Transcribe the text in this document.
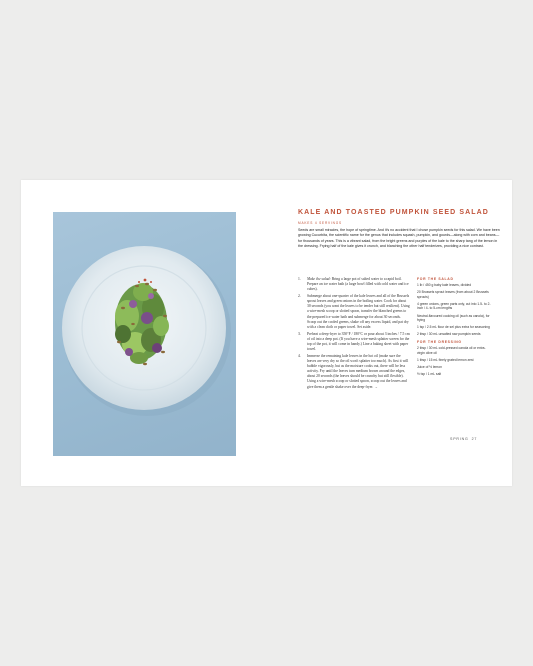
KALE AND TOASTED PUMPKIN SEED SALAD
MAKES 4 SERVINGS
Seeds are small miracles, the hope of springtime. And it's no accident that I chose pumpkin seeds for this salad. We have been growing Cucurbita, the scientific name for the genus that includes squash, pumpkin, and gourds—along with corn and beans—for thousands of years. This is a vibrant salad, from the bright greens and purples of the kale to the sharp tang of the lemon in the dressing. Frying half of the kale gives it crunch, and blanching the other half tenderizes, providing a nice contrast.
1. Make the salad: Bring a large pot of salted water to a rapid boil. Prepare an ice water bath (a large bowl filled with cold water and ice cubes).
2. Submerge about one-quarter of the kale leaves and all of the Brussels sprout leaves and green onions in the boiling water. Cook for about 30 seconds (you want the leaves to be tender but still resilient). Using a wire-mesh scoop or slotted spoon, transfer the blanched greens to the prepared ice water bath and submerge for about 30 seconds. Scoop out the cooled greens, shake off any excess liquid, and pat dry with a clean cloth or paper towel. Set aside.
3. Preheat a deep-fryer to 350°F / 180°C or pour about 3 inches / 7.5 cm of oil into a deep pot. (If you have a wire-mesh splatter screen for the top of the pot, it will come in handy.) Line a baking sheet with paper towel.
4. Immerse the remaining kale leaves in the hot oil (make sure the leaves are very dry so the oil won't splatter too much). As first it will bubble vigorously, but as the moisture cooks out, there will be less activity. Fry until the leaves turn medium brown around the edges, about 20 seconds (the leaves should be crunchy but still flexible). Using a wire-mesh scoop or slotted spoon, scoop out the leaves and give them a gentle shake over the deep-fryer. →
FOR THE SALAD
1 lb / 450 g baby kale leaves, divided
20 Brussels sprout leaves (from about 2 Brussels sprouts)
4 green onions, green parts only, cut into 1.5- to 2-inch / 4- to 5-cm lengths
Neutral-flavoured cooking oil (such as canola), for frying
1 tsp / 2.5 mL flour de sel plus extra for seasoning
2 tbsp / 30 mL unsalted raw pumpkin seeds
FOR THE DRESSING
2 tbsp / 30 mL cold-pressed canola oil or extra-virgin olive oil
1 tbsp / 15 mL finely grated lemon zest
Juice of ½ lemon
½ tsp / 1 mL salt
SPRING 27
